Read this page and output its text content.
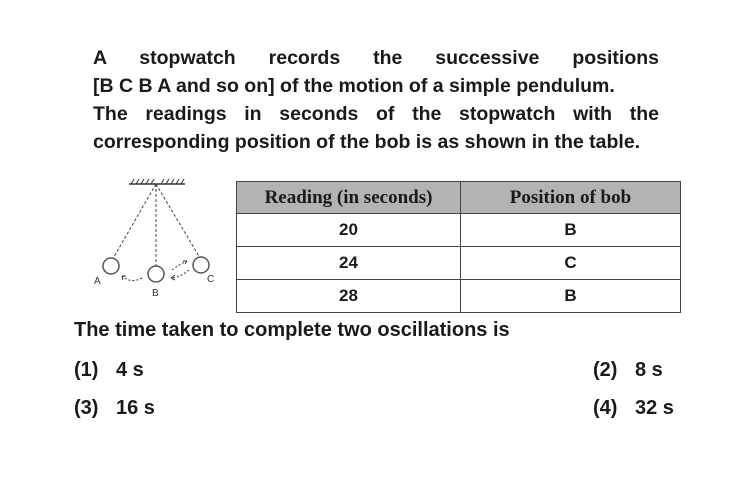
A stopwatch records the successive positions
[B C B A and so on] of the motion of a simple pendulum.
The readings in seconds of the stopwatch with the
corresponding position of the bob is as shown in the table.
A
B
C
Reading (in seconds)	Position of bob
20	B
24	C
28	B
The time taken to complete two oscillations is
(1) 4 s	(2) 8 s
(3) 16 s	(4) 32 s
